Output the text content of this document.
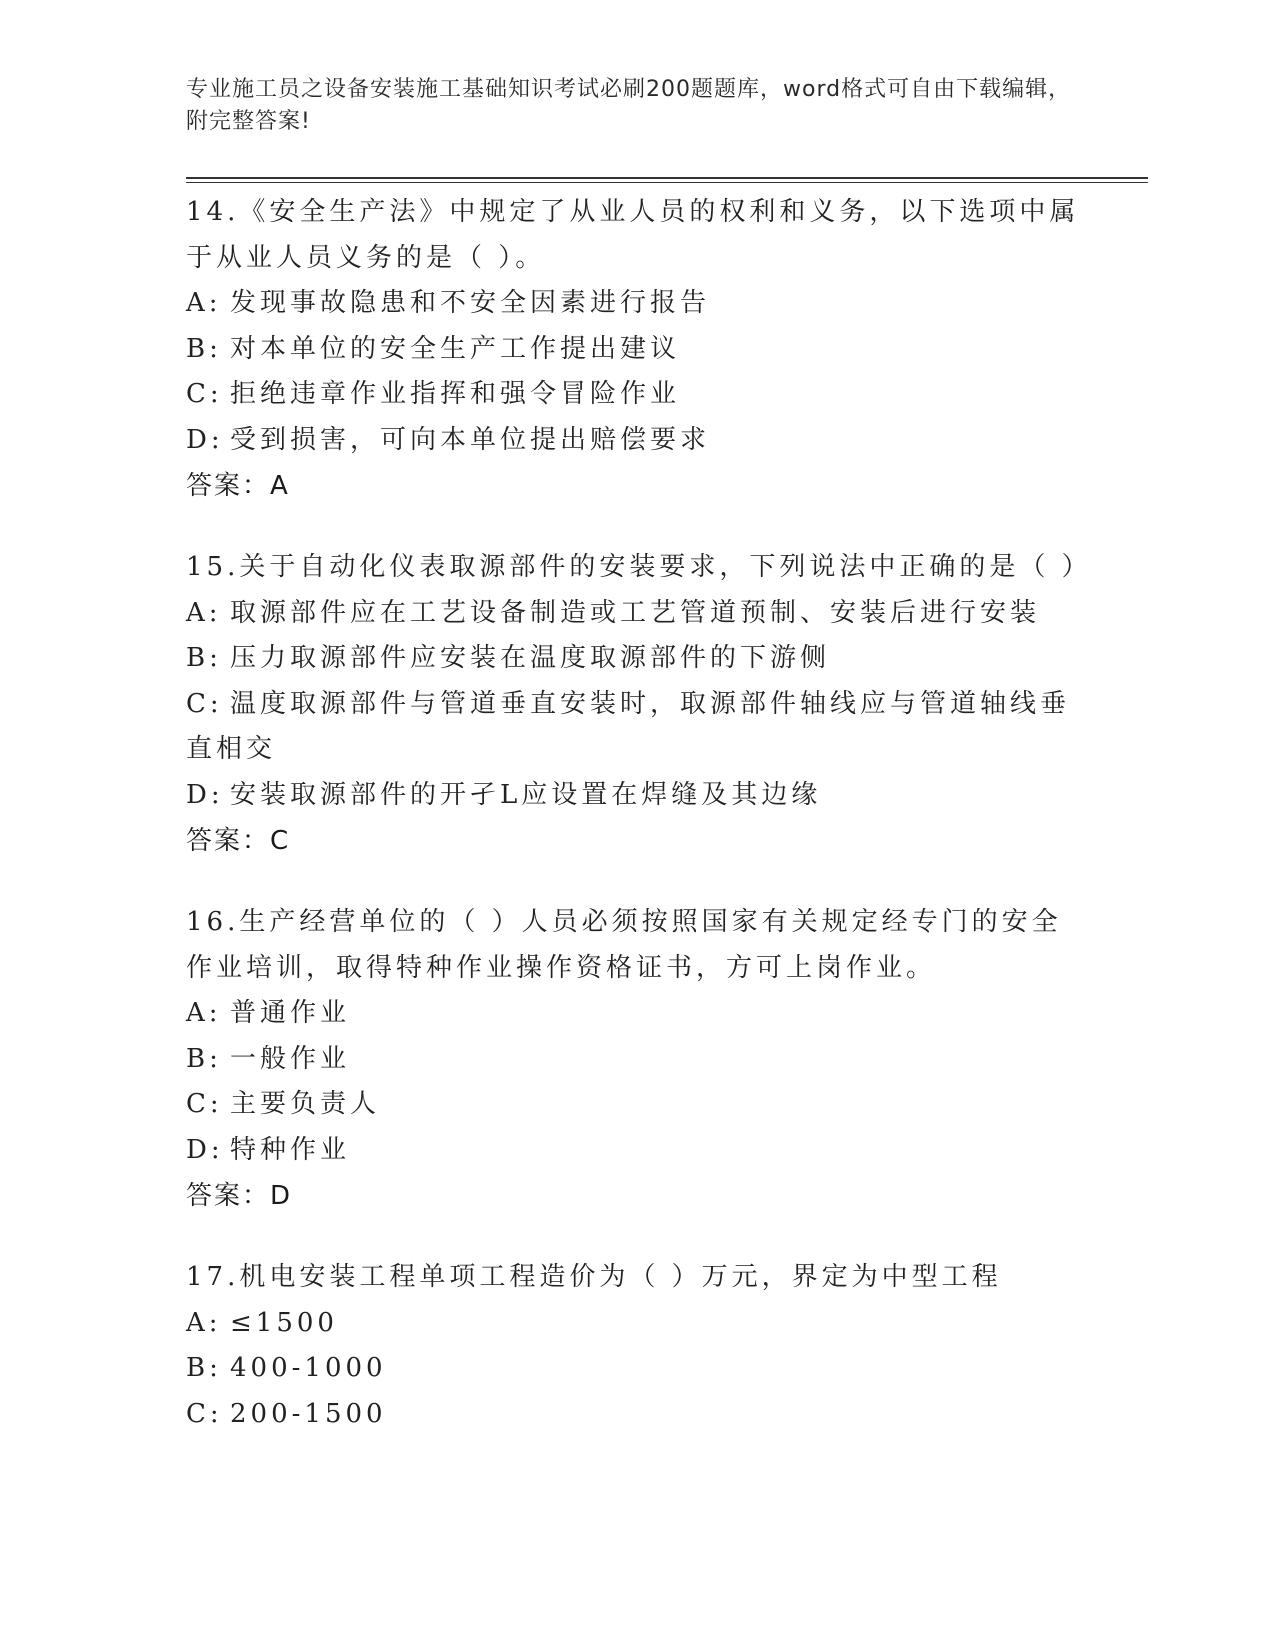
专业施工员之设备安装施工基础知识考试必刷200题题库，word格式可自由下载编辑，附完整答案!
14.《安全生产法》中规定了从业人员的权利和义务，以下选项中属于从业人员义务的是（ ）。
A: 发现事故隐患和不安全因素进行报告
B: 对本单位的安全生产工作提出建议
C: 拒绝违章作业指挥和强令冒险作业
D: 受到损害，可向本单位提出赔偿要求
答案：A
15.关于自动化仪表取源部件的安装要求，下列说法中正确的是（ ）
A: 取源部件应在工艺设备制造或工艺管道预制、安装后进行安装
B: 压力取源部件应安装在温度取源部件的下游侧
C: 温度取源部件与管道垂直安装时，取源部件轴线应与管道轴线垂直相交
D: 安装取源部件的开孑L应设置在焊缝及其边缘
答案：C
16.生产经营单位的（ ）人员必须按照国家有关规定经专门的安全作业培训，取得特种作业操作资格证书，方可上岗作业。
A: 普通作业
B: 一般作业
C: 主要负责人
D: 特种作业
答案：D
17.机电安装工程单项工程造价为（ ）万元，界定为中型工程
A: ≤1500
B: 400-1000
C: 200-1500
